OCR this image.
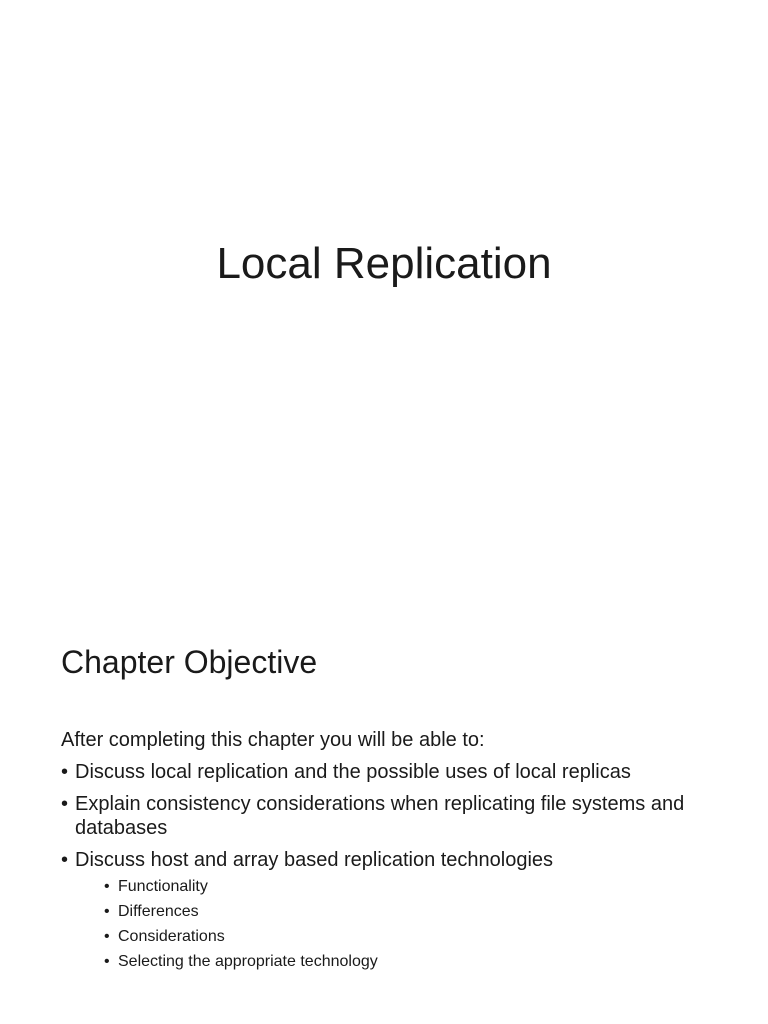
Local Replication
Chapter Objective

After completing this chapter you will be able to:

• Discuss local replication and the possible uses of local replicas
• Explain consistency considerations when replicating file systems and databases
• Discuss host and array based replication technologies
• Functionality
• Differences
• Considerations
• Selecting the appropriate technology
